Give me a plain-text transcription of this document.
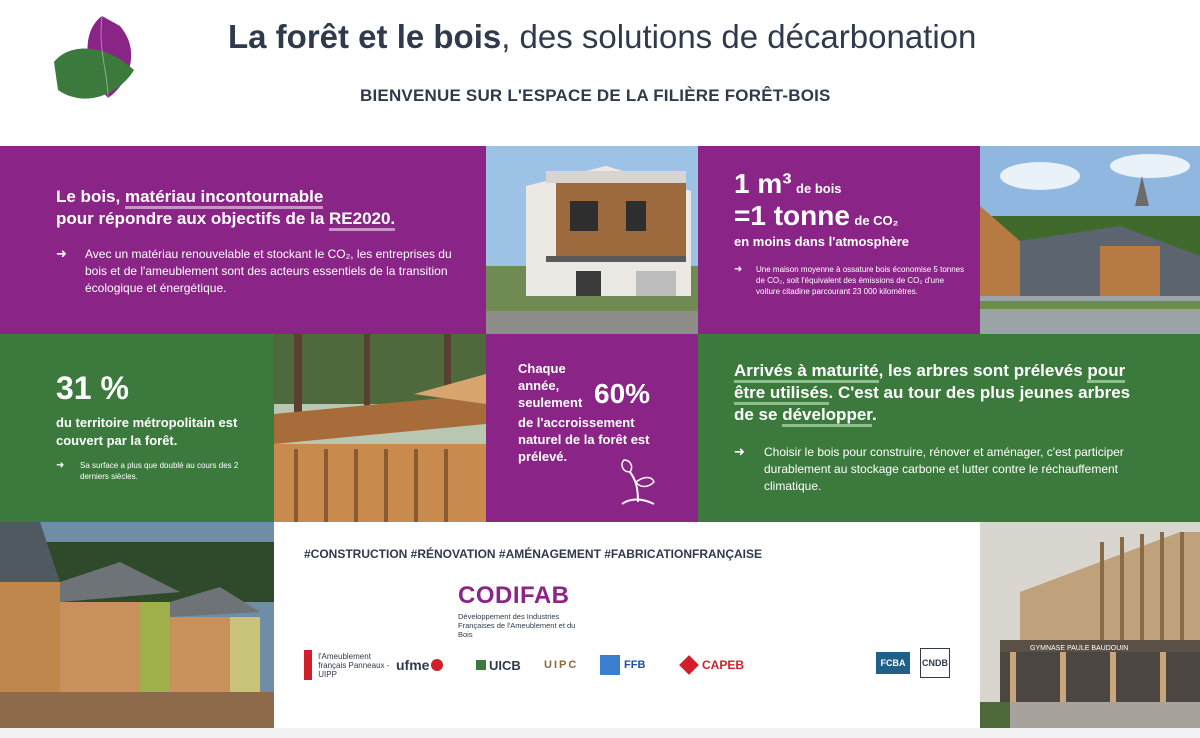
La forêt et le bois, des solutions de décarbonation
BIENVENUE SUR L'ESPACE DE LA FILIÈRE FORÊT-BOIS
Le bois, matériau incontournable
pour répondre aux objectifs de la RE2020.
➜ Avec un matériau renouvelable et stockant le CO₂, les entreprises du bois et de l'ameublement sont des acteurs essentiels de la transition écologique et énergétique.
1 m³ de bois
=1 tonne de CO₂
en moins dans l'atmosphère
➜ Une maison moyenne à ossature bois économise 5 tonnes de CO₂, soit l'équivalent des émissions de CO₂ d'une voiture citadine parcourant 23 000 kilomètres.
31 %
du territoire métropolitain est couvert par la forêt.
➜ Sa surface a plus que doublé au cours des 2 derniers siècles.
Chaque année, seulement 60%
de l'accroissement naturel de la forêt est prélevé.
Arrivés à maturité, les arbres sont prélevés pour être utilisés. C'est au tour des plus jeunes arbres de se développer.
➜ Choisir le bois pour construire, rénover et aménager, c'est participer durablement au stockage carbone et lutter contre le réchauffement climatique.
#CONSTRUCTION #RÉNOVATION #AMÉNAGEMENT #FABRICATIONFRANÇAISE
CODIFAB
Développement des Industries Françaises de l'Ameublement et du Bois
l'Ameublement français Panneaux - UIPP
ufme	UICB UIPC	FFB	CAPEB	FCBA	CNDB
GYMNASE PAULE BAUDOUIN
